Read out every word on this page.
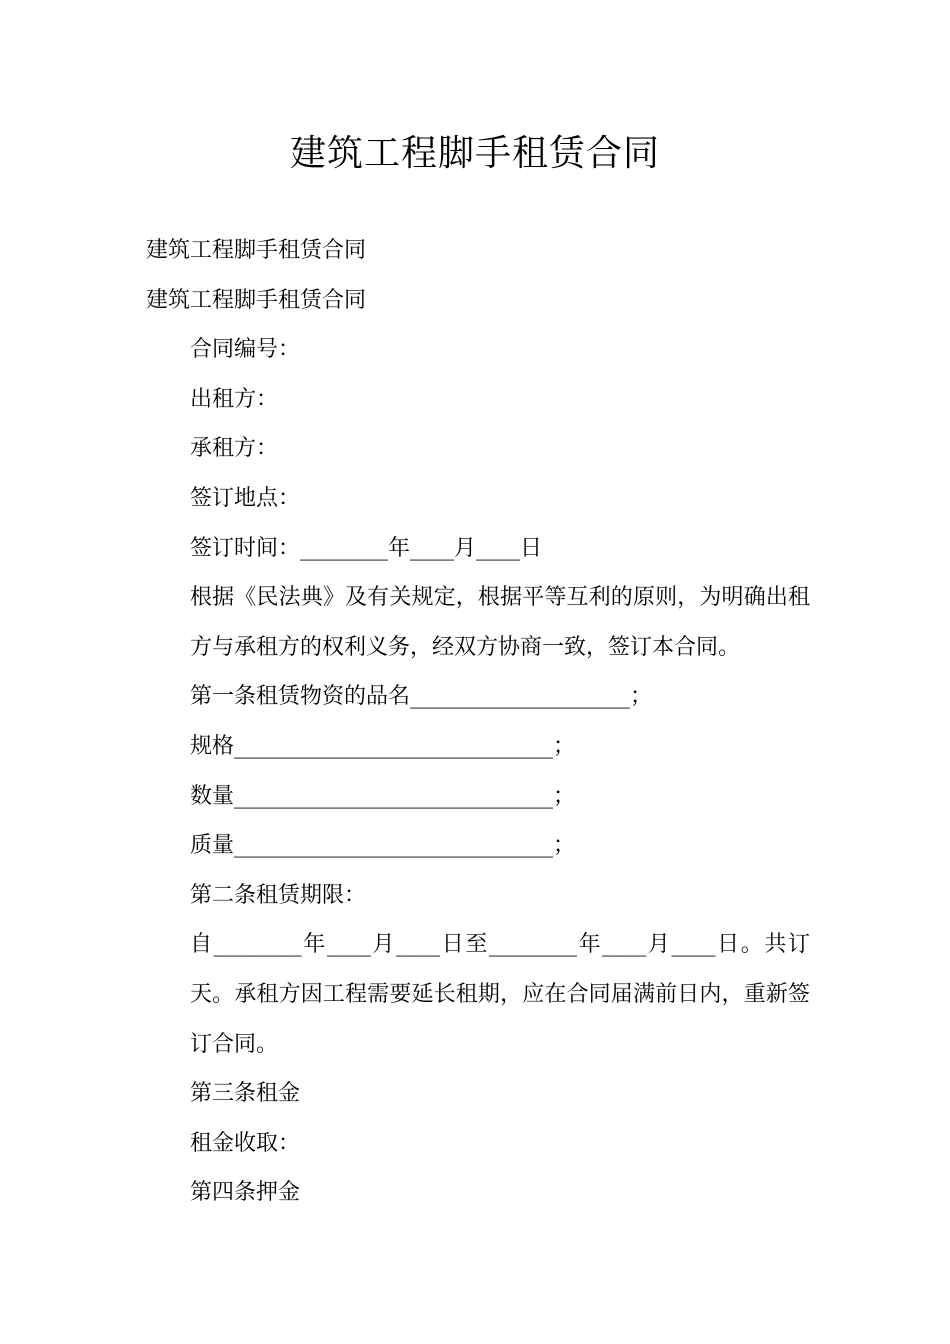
建筑工程脚手租赁合同

建筑工程脚手租赁合同

建筑工程脚手租赁合同

合同编号：

出租方：

承租方：

签订地点：

签订时间：________年____月____日

根据《民法典》及有关规定，根据平等互利的原则，为明确出租方与承租方的权利义务，经双方协商一致，签订本合同。

第一条租赁物资的品名____________________；

规格_____________________________；

数量_____________________________；

质量_____________________________；

第二条租赁期限：

自________年____月____日至________年____月____日。共订天。承租方因工程需要延长租期，应在合同届满前日内，重新签订合同。

第三条租金

租金收取：

第四条押金
